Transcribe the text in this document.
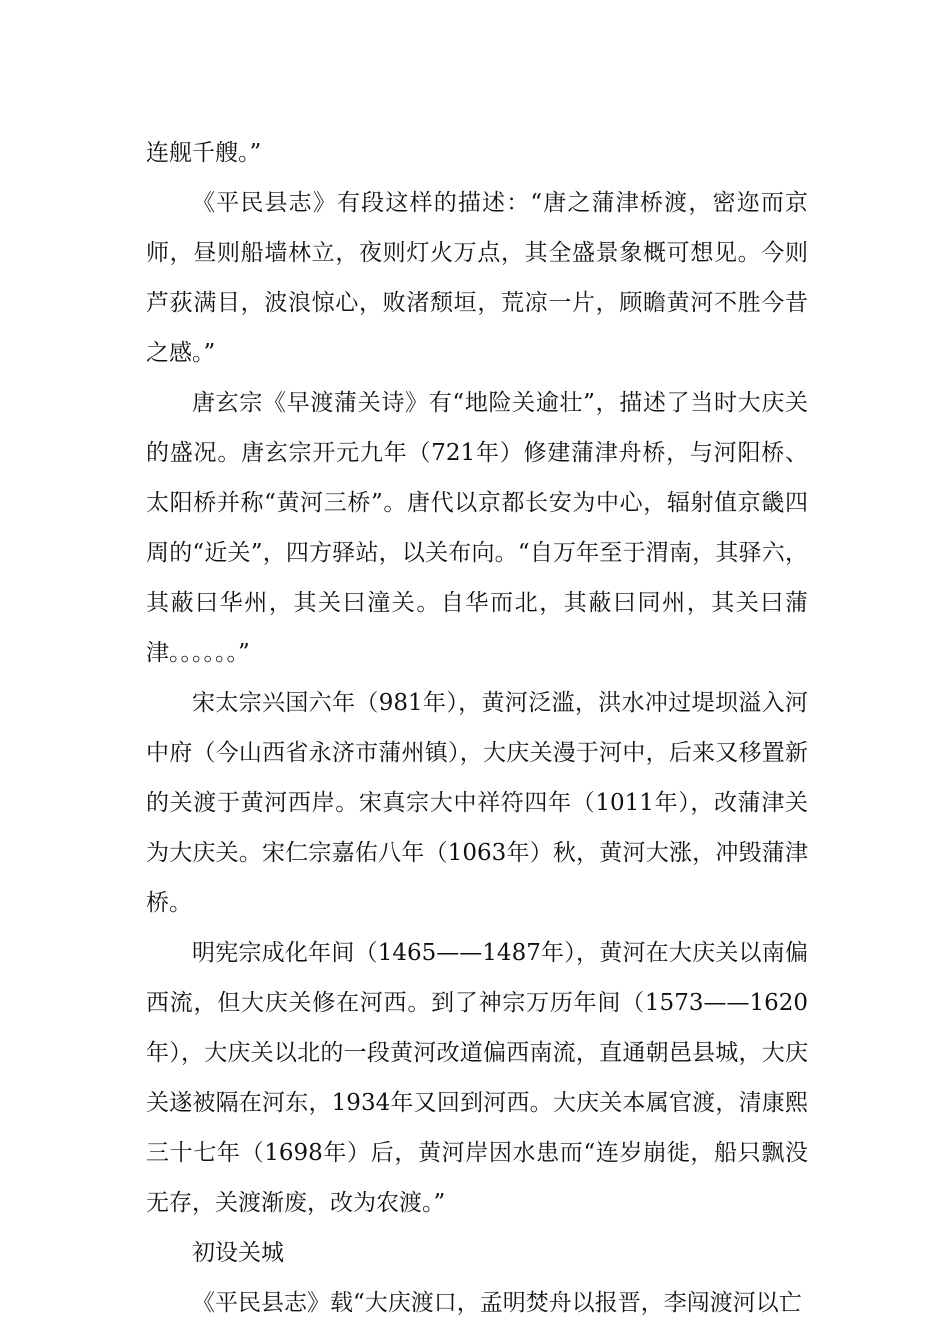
连舰千艘。”

《平民县志》有段这样的描述：“唐之蒲津桥渡，密迩而京师，昼则船墙林立，夜则灯火万点，其全盛景象概可想见。今则芦荻满目，波浪惊心，败渚颓垣，荒凉一片，顾瞻黄河不胜今昔之感。”

唐玄宗《早渡蒲关诗》有“地险关逾壮”，描述了当时大庆关的盛况。唐玄宗开元九年（721年）修建蒲津舟桥，与河阳桥、太阳桥并称“黄河三桥”。唐代以京都长安为中心，辐射值京畿四周的“近关”，四方驿站，以关布向。“自万年至于渭南，其驿六，其蔽曰华州，其关曰潼关。自华而北，其蔽曰同州，其关曰蒲津。。。。。。”

宋太宗兴国六年（981年），黄河泛滥，洪水冲过堤坝溢入河中府（今山西省永济市蒲州镇），大庆关漫于河中，后来又移置新的关渡于黄河西岸。宋真宗大中祥符四年（1011年），改蒲津关为大庆关。宋仁宗嘉佑八年（1063年）秋，黄河大涨，冲毁蒲津桥。

明宪宗成化年间（1465——1487年），黄河在大庆关以南偏西流，但大庆关修在河西。到了神宗万历年间（1573——1620年），大庆关以北的一段黄河改道偏西南流，直通朝邑县城，大庆关遂被隔在河东，1934年又回到河西。大庆关本属官渡，清康熙三十七年（1698年）后，黄河岸因水患而“连岁崩徙，船只飘没无存，关渡渐废，改为农渡。”

初设关城

《平民县志》载“大庆渡口，孟明焚舟以报晋，李闯渡河以亡
